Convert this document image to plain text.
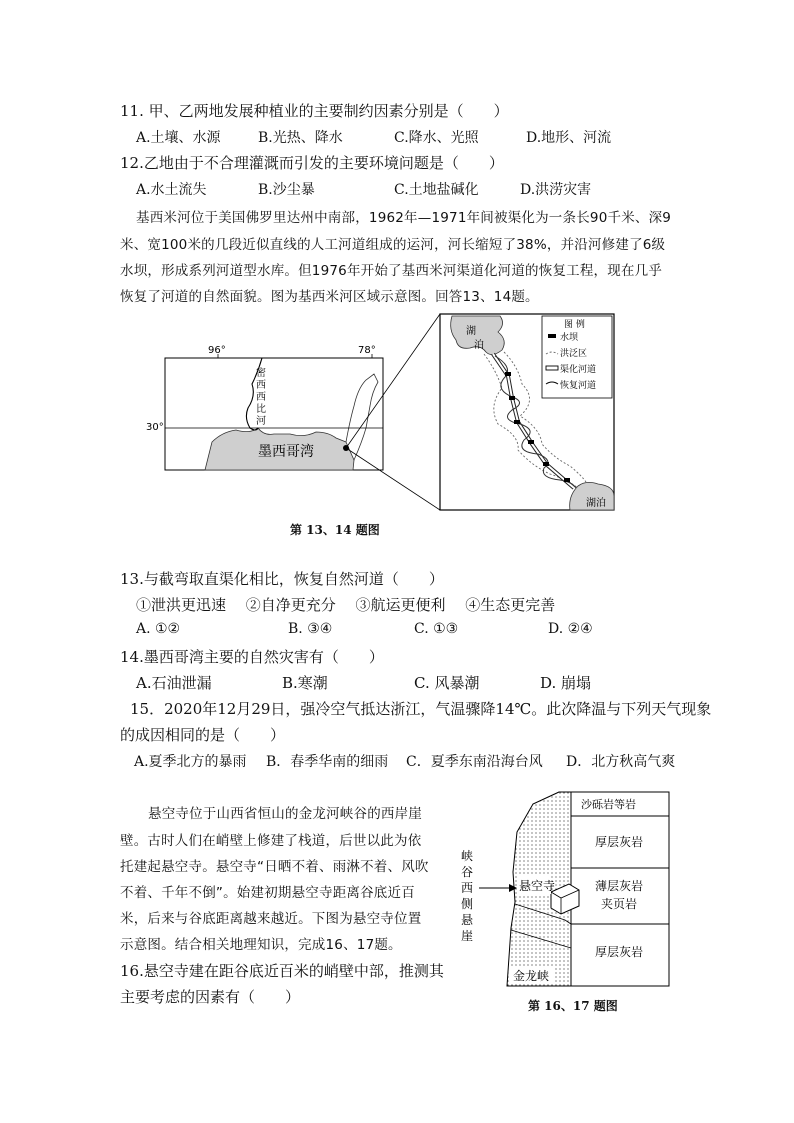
11. 甲、乙两地发展种植业的主要制约因素分别是（　　）
A.土壤、水源	B.光热、降水	C.降水、光照	D.地形、河流
12.乙地由于不合理灌溉而引发的主要环境问题是（　　）
A.水土流失	B.沙尘暴	C.土地盐碱化	D.洪涝灾害
基西米河位于美国佛罗里达州中南部，1962年—1971年间被渠化为一条长90千米、深9
米、宽100米的几段近似直线的人工河道组成的运河，河长缩短了38%，并沿河修建了6级
水坝，形成系列河道型水库。但1976年开始了基西米河渠道化河道的恢复工程，现在几乎
恢复了河道的自然面貌。图为基西米河区域示意图。回答13、14题。
96°	78°
30°
密
西
西
比
河
墨西哥湾
湖
泊
湖泊
图 例
水坝
洪泛区
渠化河道
恢复河道
第 13、14 题图
13.与截弯取直渠化相比，恢复自然河道（　　）
①泄洪更迅速　 ②自净更充分　 ③航运更便利　 ④生态更完善
A. ①②	B. ③④	C. ①③	D. ②④
14.墨西哥湾主要的自然灾害有（　　）
A.石油泄漏	B.寒潮	C. 风暴潮	D. 崩塌
15．2020年12月29日，强冷空气抵达浙江，气温骤降14℃。此次降温与下列天气现象
的成因相同的是（　　）
A.夏季北方的暴雨 B．春季华南的细雨 C．夏季东南沿海台风 D．北方秋高气爽
悬空寺位于山西省恒山的金龙河峡谷的西岸崖
壁。古时人们在峭壁上修建了栈道，后世以此为依
托建起悬空寺。悬空寺“日晒不着、雨淋不着、风吹
不着、千年不倒”。始建初期悬空寺距离谷底近百
米，后来与谷底距离越来越近。下图为悬空寺位置
示意图。结合相关地理知识，完成16、17题。
16.悬空寺建在距谷底近百米的峭壁中部，推测其
主要考虑的因素有（　　）
峡
谷
西
侧
悬
崖
沙砾岩等岩
厚层灰岩
薄层灰岩
夹页岩
厚层灰岩
悬空寺
金龙峡
第 16、17 题图
